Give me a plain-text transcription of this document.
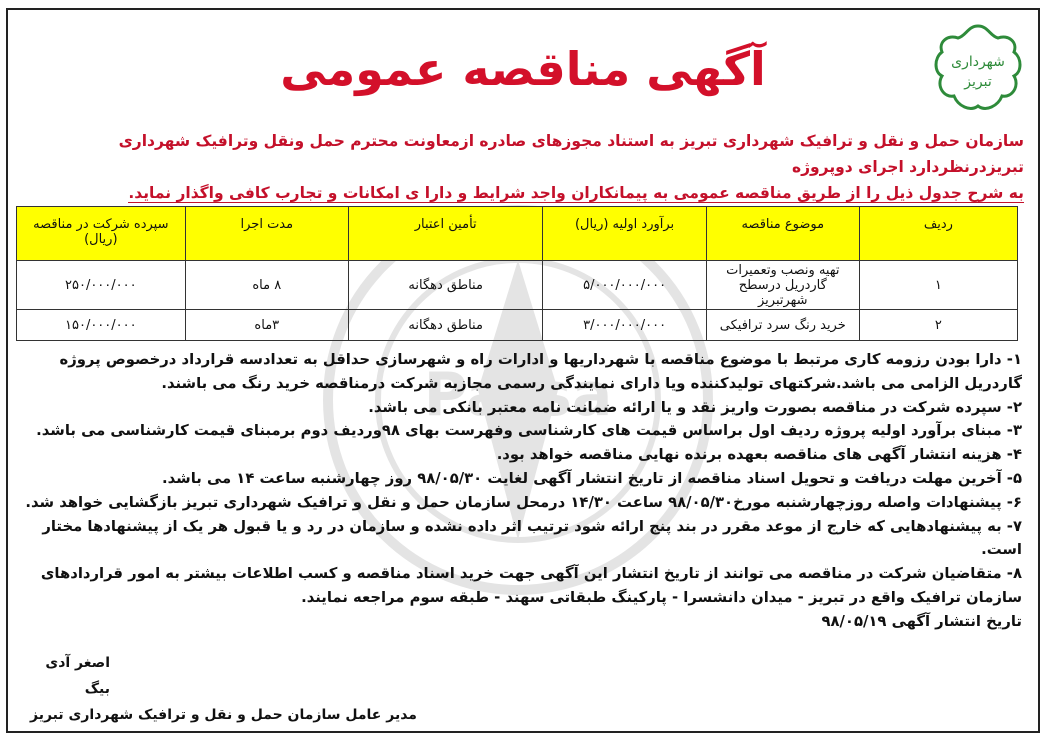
Parsa
شهرداری
تبریز
آگهی مناقصه عمومی
سازمان حمل و نقل و ترافیک شهرداری تبریز به استناد مجوزهای صادره ازمعاونت محترم حمل ونقل وترافیک شهرداری تبریزدرنظردارد اجرای دوپروژه
به شرح جدول ذیل را از طریق مناقصه عمومی به پیمانکاران واجد شرایط و دارا ی امکانات و تجارب کافی واگذار نماید.
ردیف	موضوع مناقصه	برآورد اولیه (ریال)	تأمین اعتبار	مدت اجرا	سپرده شرکت در مناقصه (ریال)
۱	تهیه ونصب وتعمیرات گاردریل درسطح شهرتبریز	۵/۰۰۰/۰۰۰/۰۰۰	مناطق دهگانه	۸ ماه	۲۵۰/۰۰۰/۰۰۰
۲	خرید رنگ سرد ترافیکی	۳/۰۰۰/۰۰۰/۰۰۰	مناطق دهگانه	۳ماه	۱۵۰/۰۰۰/۰۰۰

۱- دارا بودن رزومه کاری مرتبط با موضوع مناقصه با شهرداریها و ادارات راه و شهرسازی حداقل به تعدادسه قرارداد درخصوص پروژه گاردریل الزامی می باشد.شرکتهای تولیدکننده ویا دارای نمایندگی رسمی مجازبه شرکت درمناقصه خرید رنگ می باشند.

۲- سپرده شرکت در مناقصه بصورت واریز نقد و یا ارائه ضمانت نامه معتبر بانکی می باشد.

۳- مبنای برآورد اولیه پروژه ردیف اول براساس قیمت های کارشناسی وفهرست بهای ۹۸وردیف دوم برمبنای قیمت کارشناسی می باشد.

۴- هزینه انتشار آگهی های مناقصه بعهده برنده نهایی مناقصه خواهد بود.

۵- آخرین مهلت دریافت و تحویل اسناد مناقصه از تاریخ انتشار آگهی لغایت ۹۸/۰۵/۳۰ روز چهارشنبه ساعت ۱۴ می باشد.

۶- پیشنهادات واصله روزچهارشنبه مورخ۹۸/۰۵/۳۰ ساعت ۱۴/۳۰ درمحل سازمان حمل و نقل و ترافیک شهرداری تبریز بازگشایی خواهد شد.

۷- به پیشنهادهایی که خارج از موعد مقرر در بند پنج ارائه شود ترتیب اثر داده نشده و سازمان در رد و یا قبول هر یک از پیشنهادها مختار است.

۸- متقاضیان شرکت در مناقصه می توانند از تاریخ انتشار این آگهی جهت خرید اسناد مناقصه و کسب اطلاعات بیشتر به امور قراردادهای سازمان ترافیک واقع در تبریز - میدان دانشسرا - پارکینگ طبقاتی سهند - طبقه سوم مراجعه نمایند.

تاریخ انتشار آگهی ۹۸/۰۵/۱۹

اصغر آدی بیگ
مدیر عامل سازمان حمل و نقل و ترافیک شهرداری تبریز
